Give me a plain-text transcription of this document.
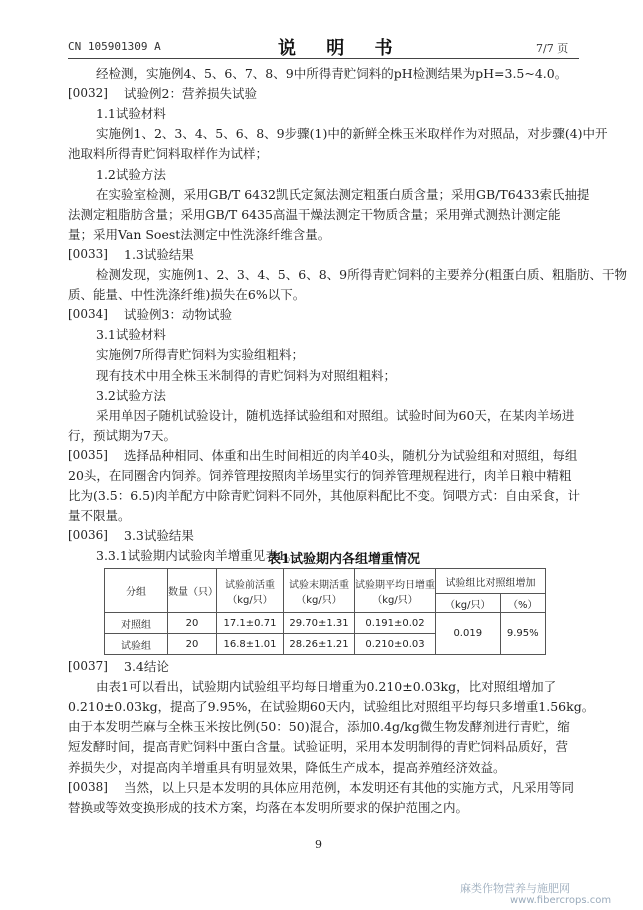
CN 105901309 A	说 明 书	7/7 页
经检测，实施例4、5、6、7、8、9中所得青贮饲料的pH检测结果为pH=3.5~4.0。
[0032] 试验例2：营养损失试验
1.1试验材料
实施例1、2、3、4、5、6、8、9步骤(1)中的新鲜全株玉米取样作为对照品，对步骤(4)中开
池取料所得青贮饲料取样作为试样；
1.2试验方法
在实验室检测，采用GB/T 6432凯氏定氮法测定粗蛋白质含量；采用GB/T6433索氏抽提
法测定粗脂肪含量；采用GB/T 6435高温干燥法测定干物质含量；采用弹式测热计测定能
量；采用Van Soest法测定中性洗涤纤维含量。
[0033] 1.3试验结果
检测发现，实施例1、2、3、4、5、6、8、9所得青贮饲料的主要养分(粗蛋白质、粗脂肪、干物
质、能量、中性洗涤纤维)损失在6%以下。
[0034] 试验例3：动物试验
3.1试验材料
实施例7所得青贮饲料为实验组粗料；
现有技术中用全株玉米制得的青贮饲料为对照组粗料；
3.2试验方法
采用单因子随机试验设计，随机选择试验组和对照组。试验时间为60天，在某肉羊场进
行，预试期为7天。
[0035] 选择品种相同、体重和出生时间相近的肉羊40头，随机分为试验组和对照组，每组
20头，在同圈舍内饲养。饲养管理按照肉羊场里实行的饲养管理规程进行，肉羊日粮中精粗
比为(3.5：6.5)肉羊配方中除青贮饲料不同外，其他原料配比不变。饲喂方式：自由采食，计
量不限量。
[0036] 3.3试验结果
3.3.1试验期内试验肉羊增重见表1。
表1试验期内各组增重情况
分组	数量（只）	试验前活重（kg/只）	试验末期活重（kg/只）	试验期平均日增重（kg/只）	试验组比对照组增加	
					（kg/只）	（%）
对照组	20	17.1±0.71	29.70±1.31	0.191±0.02	0.019	9.95%
试验组	20	16.8±1.01	28.26±1.21	0.210±0.03		
[0037] 3.4结论
由表1可以看出，试验期内试验组平均每日增重为0.210±0.03kg，比对照组增加了
0.210±0.03kg，提高了9.95%，在试验期60天内，试验组比对照组平均每只多增重1.56kg。
由于本发明苎麻与全株玉米按比例(50：50)混合，添加0.4g/kg微生物发酵剂进行青贮，缩
短发酵时间，提高青贮饲料中蛋白含量。试验证明，采用本发明制得的青贮饲料品质好，营
养损失少，对提高肉羊增重具有明显效果，降低生产成本，提高养殖经济效益。
[0038] 当然，以上只是本发明的具体应用范例，本发明还有其他的实施方式，凡采用等同
替换或等效变换形成的技术方案，均落在本发明所要求的保护范围之内。
9
麻类作物营养与施肥网
www.fibercrops.com
